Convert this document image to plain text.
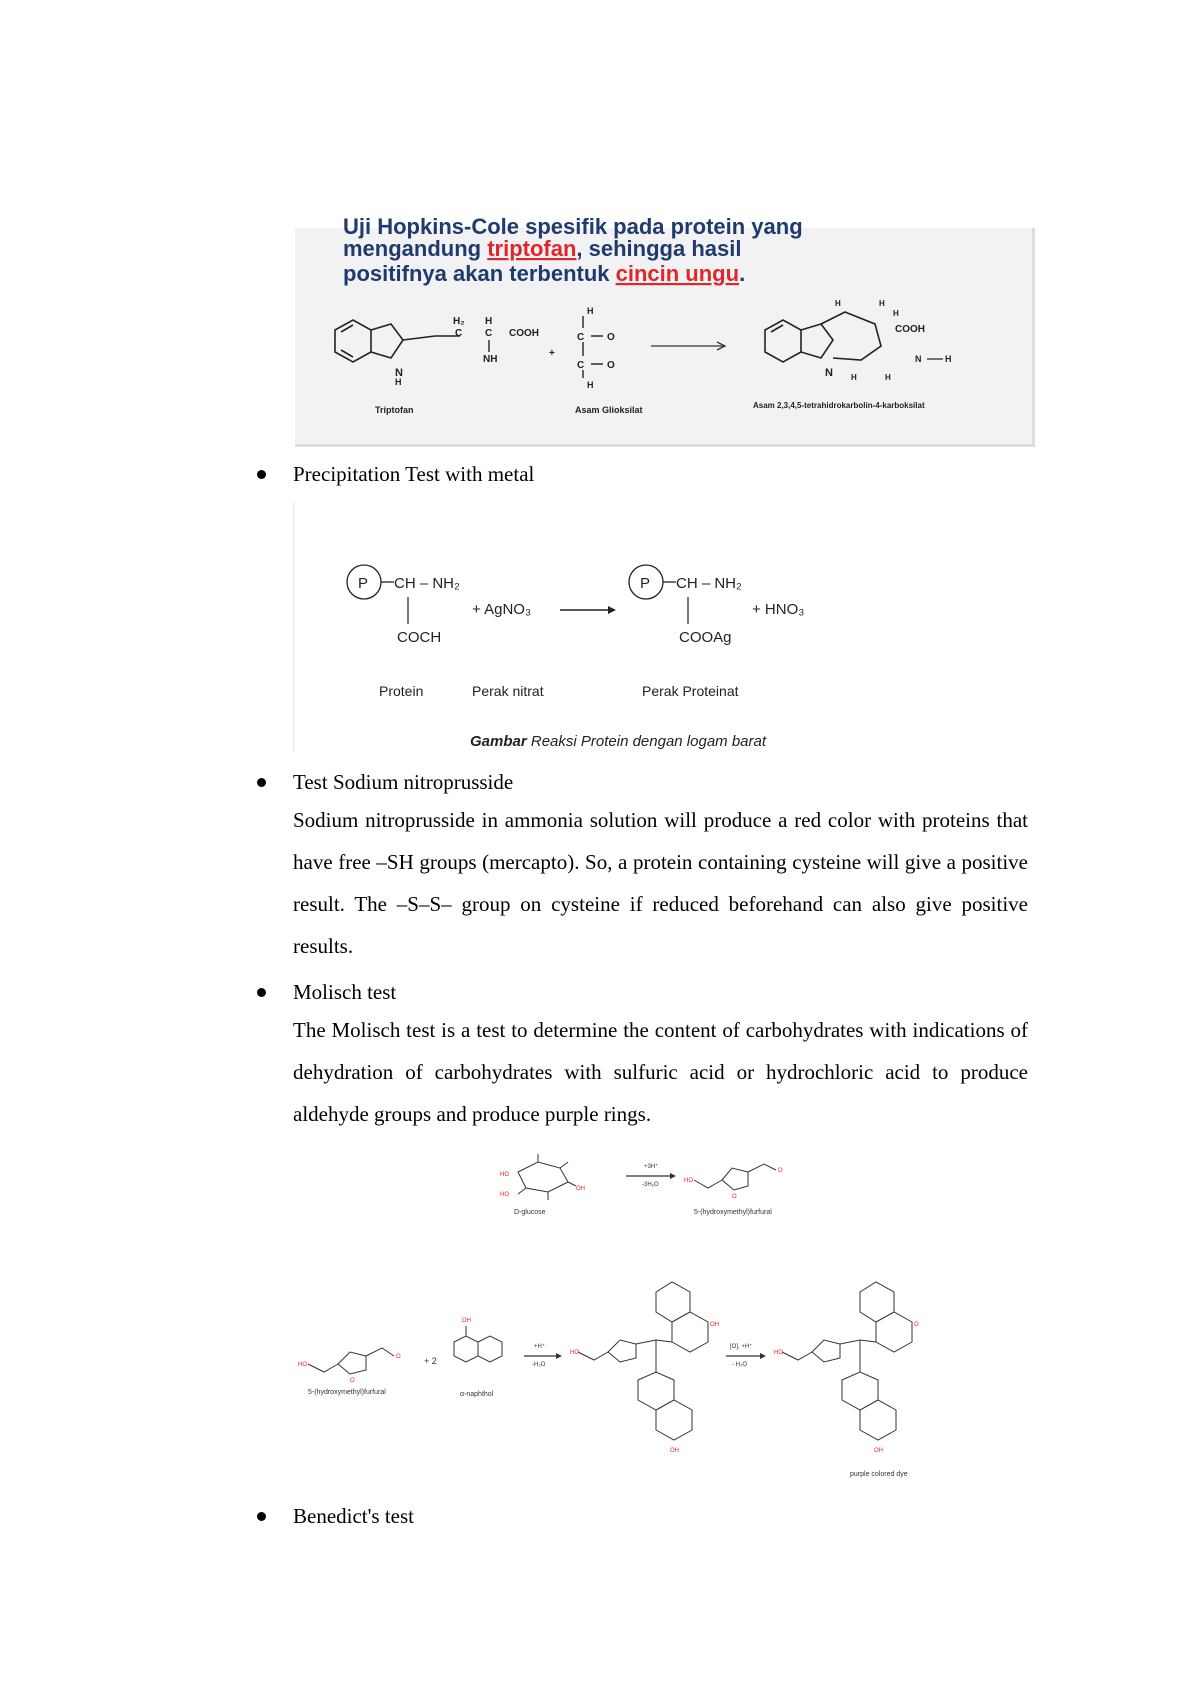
Uji Hopkins-Cole spesifik pada protein yang
mengandung triptofan, sehingga hasil
positifnya akan terbentuk cincin ungu.
N
H
H₂
C
H
C COOH
NH
Triptofan
+
H
C O
C O
H
Asam Glioksilat
N
H	H
H
COOH
N	H
H	H
Asam 2,3,4,5-tetrahidrokarbolin-4-karboksilat
Precipitation Test with metal
P CH – NH₂
COCH
+ AgNO₃
P CH – NH₂
COOAg
+ HNO₃
Protein	Perak nitrat	Perak Proteinat
Gambar Reaksi Protein dengan logam barat
Test Sodium nitroprusside
Sodium nitroprusside in ammonia solution will produce a red color with proteins that have free –SH groups (mercapto). So, a protein containing cysteine will give a positive result. The –S–S– group on cysteine if reduced beforehand can also give positive results.
Molisch test
The Molisch test is a test to determine the content of carbohydrates with indications of dehydration of carbohydrates with sulfuric acid or hydrochloric acid to produce aldehyde groups and produce purple rings.
HO
HO
OH
D-glucose
+3H⁺
-3H₂O
HO
O
O
5-(hydroxymethyl)furfural
HO
O
O
5-(hydroxymethyl)furfural
+ 2
OH
α-naphthol
+H⁺
-H₂O
HO
OH
OH
[O], +H⁺
- H₂O
HO
O
OH
purple colored dye
Benedict's test
